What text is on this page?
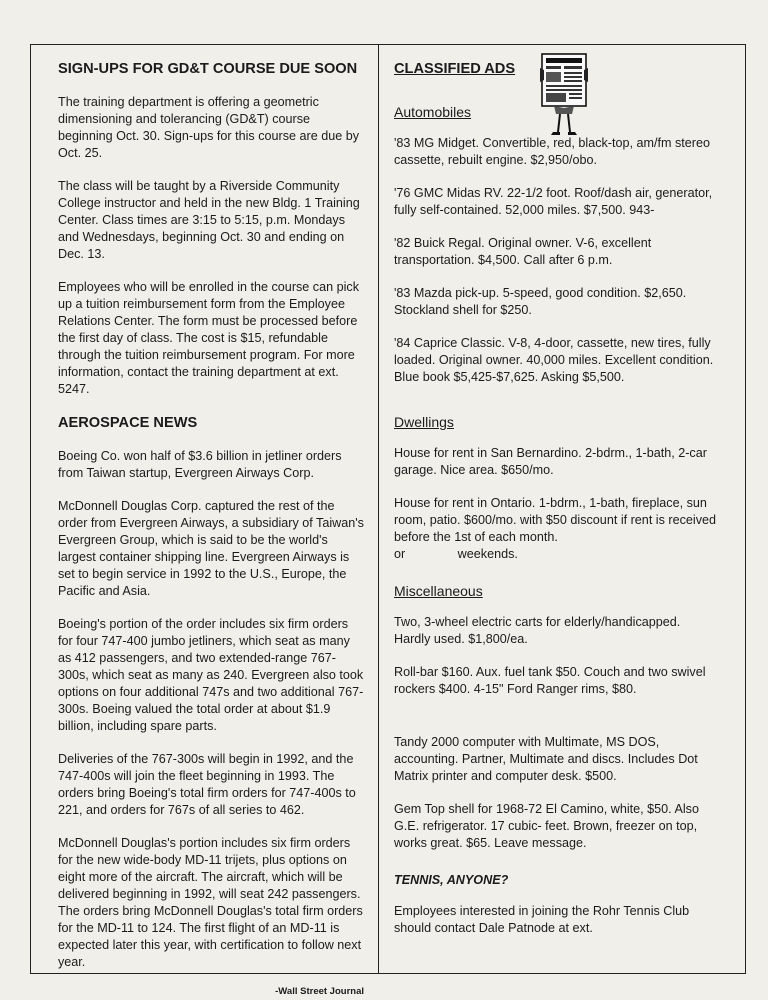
SIGN-UPS FOR GD&T COURSE DUE SOON

The training department is offering a geometric dimensioning and tolerancing (GD&T) course beginning Oct. 30. Sign-ups for this course are due by Oct. 25.

The class will be taught by a Riverside Community College instructor and held in the new Bldg. 1 Training Center. Class times are 3:15 to 5:15, p.m. Mondays and Wednesdays, beginning Oct. 30 and ending on Dec. 13.

Employees who will be enrolled in the course can pick up a tuition reimbursement form from the Employee Relations Center. The form must be processed before the first day of class. The cost is $15, refundable through the tuition reimbursement program. For more information, contact the training department at ext. 5247.

AEROSPACE NEWS

Boeing Co. won half of $3.6 billion in jetliner orders from Taiwan startup, Evergreen Airways Corp.

McDonnell Douglas Corp. captured the rest of the order from Evergreen Airways, a subsidiary of Taiwan's Evergreen Group, which is said to be the world's largest container shipping line. Evergreen Airways is set to begin service in 1992 to the U.S., Europe, the Pacific and Asia.

Boeing's portion of the order includes six firm orders for four 747-400 jumbo jetliners, which seat as many as 412 passengers, and two extended-range 767-300s, which seat as many as 240. Evergreen also took options on four additional 747s and two additional 767-300s. Boeing valued the total order at about $1.9 billion, including spare parts.

Deliveries of the 767-300s will begin in 1992, and the 747-400s will join the fleet beginning in 1993. The orders bring Boeing's total firm orders for 747-400s to 221, and orders for 767s of all series to 462.

McDonnell Douglas's portion includes six firm orders for the new wide-body MD-11 trijets, plus options on eight more of the aircraft. The aircraft, which will be delivered beginning in 1992, will seat 242 passengers. The orders bring McDonnell Douglas's total firm orders for the MD-11 to 124. The first flight of an MD-11 is expected later this year, with certification to follow next year.

-Wall Street Journal
CLASSIFIED ADS
Automobiles

'83 MG Midget. Convertible, red, black-top, am/fm stereo cassette, rebuilt engine. $2,950/obo.

'76 GMC Midas RV. 22-1/2 foot. Roof/dash air, generator, fully self-contained. 52,000 miles. $7,500. 943-

'82 Buick Regal. Original owner. V-6, excellent transportation. $4,500. Call after 6 p.m.

'83 Mazda pick-up. 5-speed, good condition. $2,650. Stockland shell for $250.

'84 Caprice Classic. V-8, 4-door, cassette, new tires, fully loaded. Original owner. 40,000 miles. Excellent condition. Blue book $5,425-$7,625. Asking $5,500.

Dwellings

House for rent in San Bernardino. 2-bdrm., 1-bath, 2-car garage. Nice area. $650/mo.

House for rent in Ontario. 1-bdrm., 1-bath, fireplace, sun room, patio. $600/mo. with $50 discount if rent is received before the 1st of each month.

or               weekends.

Miscellaneous

Two, 3-wheel electric carts for elderly/handicapped. Hardly used. $1,800/ea.

Roll-bar $160. Aux. fuel tank $50. Couch and two swivel rockers $400. 4-15" Ford Ranger rims, $80.

Tandy 2000 computer with Multimate, MS DOS, accounting. Partner, Multimate and discs. Includes Dot Matrix printer and computer desk. $500.

Gem Top shell for 1968-72 El Camino, white, $50. Also G.E. refrigerator. 17 cubic- feet. Brown, freezer on top, works great. $65. Leave message.

TENNIS, ANYONE?

Employees interested in joining the Rohr Tennis Club should contact Dale Patnode at ext.
